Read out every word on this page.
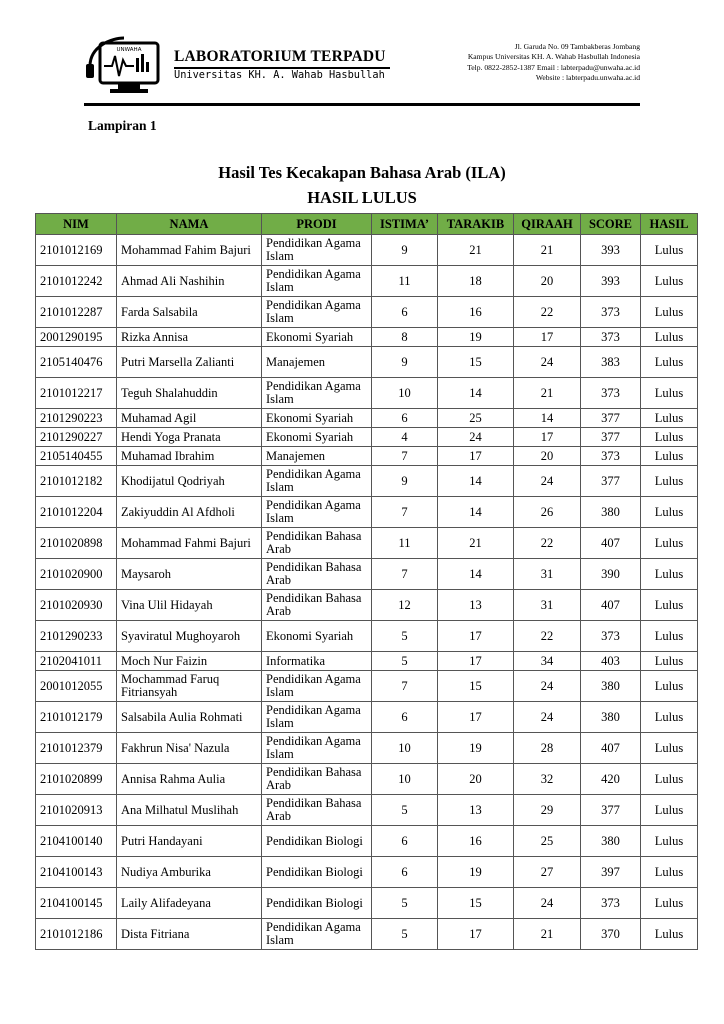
UNWAHA LABORATORIUM TERPADU
Universitas KH. A. Wahab Hasbullah
Jl. Garuda No. 09 Tambakberas Jombang
Kampus Universitas KH. A. Wahab Hasbullah Indonesia
Telp. 0822-2852-1387 Email : labterpadu@unwaha.ac.id
Website : labterpadu.unwaha.ac.id
Lampiran 1
Hasil Tes Kecakapan Bahasa Arab (ILA)
HASIL LULUS
NIM	NAMA	PRODI	ISTIMA’	TARAKIB	QIRAAH	SCORE	HASIL
2101012169	Mohammad Fahim Bajuri	Pendidikan Agama Islam	9	21	21	393	Lulus
2101012242	Ahmad Ali Nashihin	Pendidikan Agama Islam	11	18	20	393	Lulus
2101012287	Farda Salsabila	Pendidikan Agama Islam	6	16	22	373	Lulus
2001290195	Rizka Annisa	Ekonomi Syariah	8	19	17	373	Lulus
2105140476	Putri Marsella Zalianti	Manajemen	9	15	24	383	Lulus
2101012217	Teguh Shalahuddin	Pendidikan Agama Islam	10	14	21	373	Lulus
2101290223	Muhamad Agil	Ekonomi Syariah	6	25	14	377	Lulus
2101290227	Hendi Yoga Pranata	Ekonomi Syariah	4	24	17	377	Lulus
2105140455	Muhamad Ibrahim	Manajemen	7	17	20	373	Lulus
2101012182	Khodijatul Qodriyah	Pendidikan Agama Islam	9	14	24	377	Lulus
2101012204	Zakiyuddin Al Afdholi	Pendidikan Agama Islam	7	14	26	380	Lulus
2101020898	Mohammad Fahmi Bajuri	Pendidikan Bahasa Arab	11	21	22	407	Lulus
2101020900	Maysaroh	Pendidikan Bahasa Arab	7	14	31	390	Lulus
2101020930	Vina Ulil Hidayah	Pendidikan Bahasa Arab	12	13	31	407	Lulus
2101290233	Syaviratul Mughoyaroh	Ekonomi Syariah	5	17	22	373	Lulus
2102041011	Moch Nur Faizin	Informatika	5	17	34	403	Lulus
2001012055	Mochammad Faruq Fitriansyah	Pendidikan Agama Islam	7	15	24	380	Lulus
2101012179	Salsabila Aulia Rohmati	Pendidikan Agama Islam	6	17	24	380	Lulus
2101012379	Fakhrun Nisa' Nazula	Pendidikan Agama Islam	10	19	28	407	Lulus
2101020899	Annisa Rahma Aulia	Pendidikan Bahasa Arab	10	20	32	420	Lulus
2101020913	Ana Milhatul Muslihah	Pendidikan Bahasa Arab	5	13	29	377	Lulus
2104100140	Putri Handayani	Pendidikan Biologi	6	16	25	380	Lulus
2104100143	Nudiya Amburika	Pendidikan Biologi	6	19	27	397	Lulus
2104100145	Laily Alifadeyana	Pendidikan Biologi	5	15	24	373	Lulus
2101012186	Dista Fitriana	Pendidikan Agama Islam	5	17	21	370	Lulus
